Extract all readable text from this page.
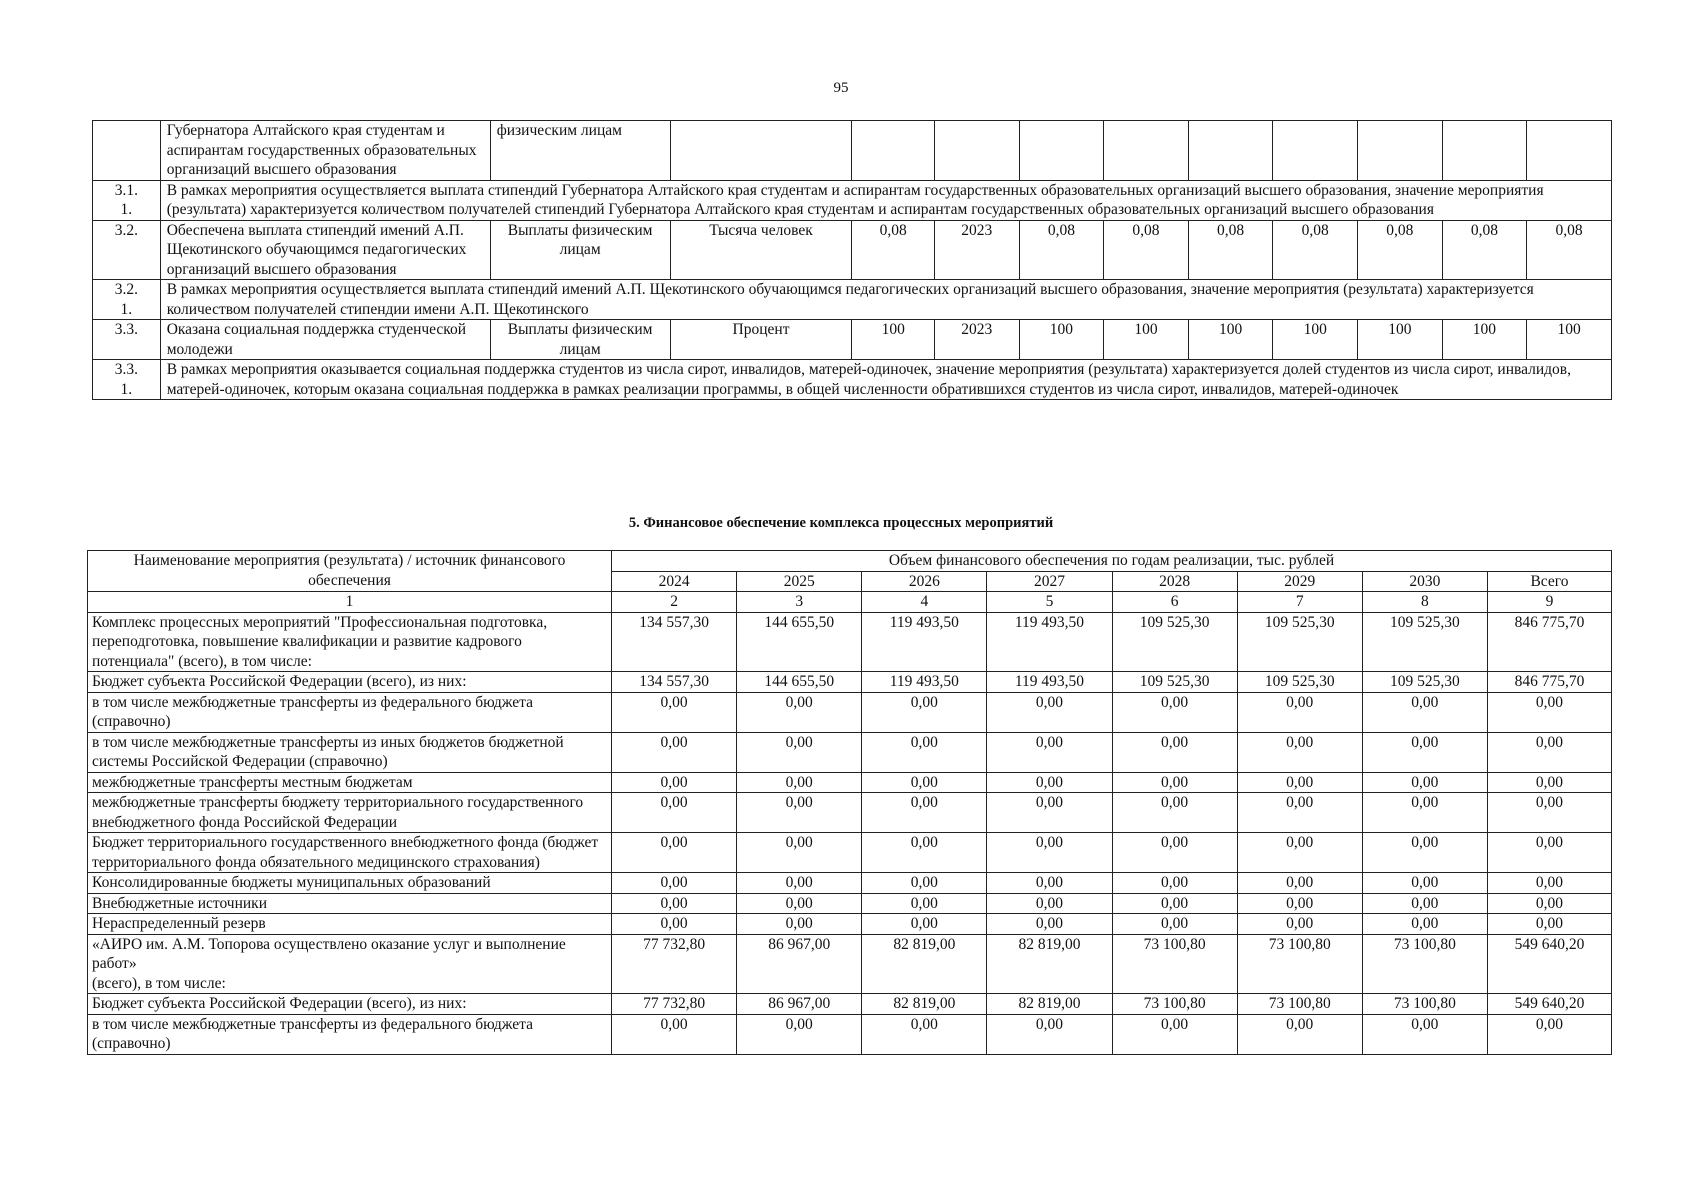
95
	Губернатора Алтайского края студентам и аспирантам государственных образовательных организаций высшего образования	физическим лицам										
3.1.
1.	В рамках мероприятия осуществляется выплата стипендий Губернатора Алтайского края студентам и аспирантам государственных образовательных организаций высшего образования, значение мероприятия (результата) характеризуется количеством получателей стипендий Губернатора Алтайского края студентам и аспирантам государственных образовательных организаций высшего образования											
3.2.	Обеспечена выплата стипендий имений А.П. Щекотинского обучающимся педагогических организаций высшего образования	Выплаты физическим лицам	Тысяча человек	0,08	2023	0,08	0,08	0,08	0,08	0,08	0,08	0,08
3.2.
1.	В рамках мероприятия осуществляется выплата стипендий имений А.П. Щекотинского обучающимся педагогических организаций высшего образования, значение мероприятия (результата) характеризуется количеством получателей стипендии имени А.П. Щекотинского											
3.3.	Оказана социальная поддержка студенческой молодежи	Выплаты физическим лицам	Процент	100	2023	100	100	100	100	100	100	100
3.3.
1.	В рамках мероприятия оказывается социальная поддержка студентов из числа сирот, инвалидов, матерей-одиночек, значение мероприятия (результата) характеризуется долей студентов из числа сирот, инвалидов, матерей-одиночек, которым оказана социальная поддержка в рамках реализации программы, в общей численности обратившихся студентов из числа сирот, инвалидов, матерей-одиночек											
5. Финансовое обеспечение комплекса процессных мероприятий
Наименование мероприятия (результата) / источник финансового обеспечения	Объем финансового обеспечения по годам реализации, тыс. рублей							
	2024	2025	2026	2027	2028	2029	2030	Всего
1	2	3	4	5	6	7	8	9
Комплекс процессных мероприятий "Профессиональная подготовка, переподготовка, повышение квалификации и развитие кадрового потенциала" (всего), в том числе:	134 557,30	144 655,50	119 493,50	119 493,50	109 525,30	109 525,30	109 525,30	846 775,70
Бюджет субъекта Российской Федерации (всего), из них:	134 557,30	144 655,50	119 493,50	119 493,50	109 525,30	109 525,30	109 525,30	846 775,70
в том числе межбюджетные трансферты из федерального бюджета (справочно)	0,00	0,00	0,00	0,00	0,00	0,00	0,00	0,00
в том числе межбюджетные трансферты из иных бюджетов бюджетной системы Российской Федерации (справочно)	0,00	0,00	0,00	0,00	0,00	0,00	0,00	0,00
межбюджетные трансферты местным бюджетам	0,00	0,00	0,00	0,00	0,00	0,00	0,00	0,00
межбюджетные трансферты бюджету территориального государственного внебюджетного фонда Российской Федерации	0,00	0,00	0,00	0,00	0,00	0,00	0,00	0,00
Бюджет территориального государственного внебюджетного фонда (бюджет территориального фонда обязательного медицинского страхования)	0,00	0,00	0,00	0,00	0,00	0,00	0,00	0,00
Консолидированные бюджеты муниципальных образований	0,00	0,00	0,00	0,00	0,00	0,00	0,00	0,00
Внебюджетные источники	0,00	0,00	0,00	0,00	0,00	0,00	0,00	0,00
Нераспределенный резерв	0,00	0,00	0,00	0,00	0,00	0,00	0,00	0,00
«АИРО им. А.М. Топорова осуществлено оказание услуг и выполнение работ»
(всего), в том числе:	77 732,80	86 967,00	82 819,00	82 819,00	73 100,80	73 100,80	73 100,80	549 640,20
Бюджет субъекта Российской Федерации (всего), из них:	77 732,80	86 967,00	82 819,00	82 819,00	73 100,80	73 100,80	73 100,80	549 640,20
в том числе межбюджетные трансферты из федерального бюджета (справочно)	0,00	0,00	0,00	0,00	0,00	0,00	0,00	0,00
